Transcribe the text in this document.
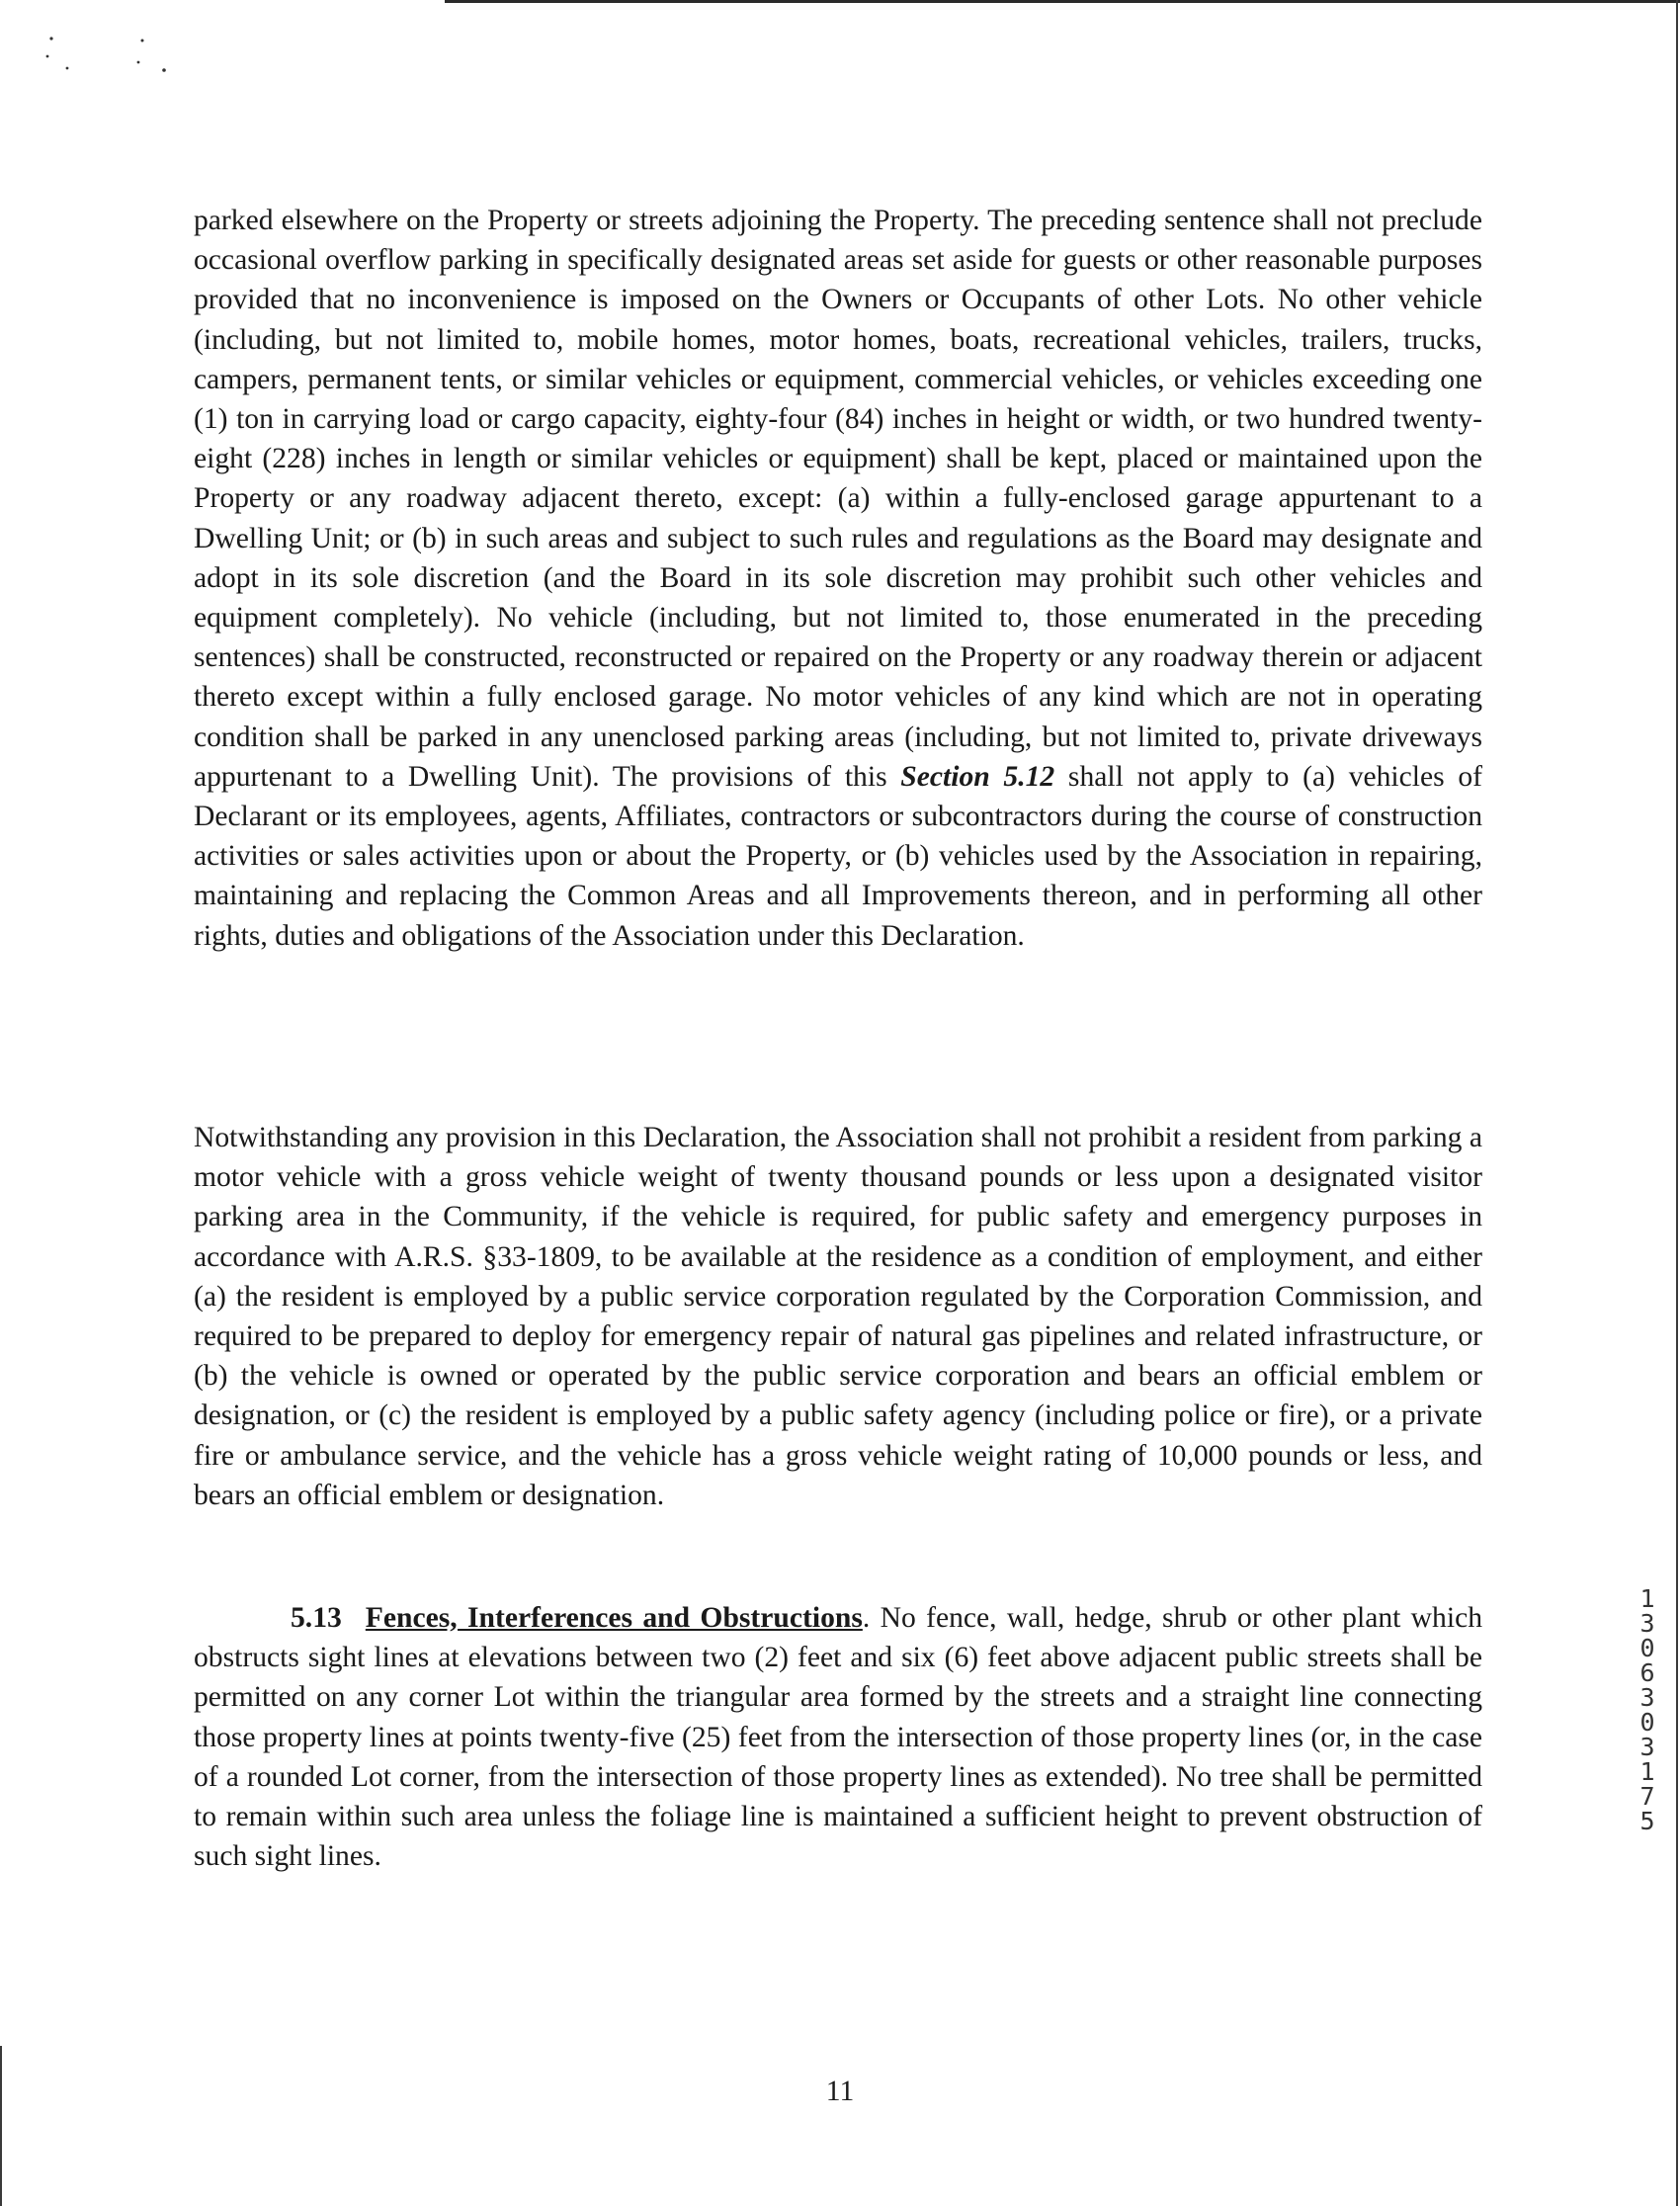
parked elsewhere on the Property or streets adjoining the Property. The preceding sentence shall not preclude occasional overflow parking in specifically designated areas set aside for guests or other reasonable purposes provided that no inconvenience is imposed on the Owners or Occupants of other Lots. No other vehicle (including, but not limited to, mobile homes, motor homes, boats, recreational vehicles, trailers, trucks, campers, permanent tents, or similar vehicles or equipment, commercial vehicles, or vehicles exceeding one (1) ton in carrying load or cargo capacity, eighty-four (84) inches in height or width, or two hundred twenty-eight (228) inches in length or similar vehicles or equipment) shall be kept, placed or maintained upon the Property or any roadway adjacent thereto, except: (a) within a fully-enclosed garage appurtenant to a Dwelling Unit; or (b) in such areas and subject to such rules and regulations as the Board may designate and adopt in its sole discretion (and the Board in its sole discretion may prohibit such other vehicles and equipment completely). No vehicle (including, but not limited to, those enumerated in the preceding sentences) shall be constructed, reconstructed or repaired on the Property or any roadway therein or adjacent thereto except within a fully enclosed garage. No motor vehicles of any kind which are not in operating condition shall be parked in any unenclosed parking areas (including, but not limited to, private driveways appurtenant to a Dwelling Unit). The provisions of this Section 5.12 shall not apply to (a) vehicles of Declarant or its employees, agents, Affiliates, contractors or subcontractors during the course of construction activities or sales activities upon or about the Property, or (b) vehicles used by the Association in repairing, maintaining and replacing the Common Areas and all Improvements thereon, and in performing all other rights, duties and obligations of the Association under this Declaration.

Notwithstanding any provision in this Declaration, the Association shall not prohibit a resident from parking a motor vehicle with a gross vehicle weight of twenty thousand pounds or less upon a designated visitor parking area in the Community, if the vehicle is required, for public safety and emergency purposes in accordance with A.R.S. §33-1809, to be available at the residence as a condition of employment, and either (a) the resident is employed by a public service corporation regulated by the Corporation Commission, and required to be prepared to deploy for emergency repair of natural gas pipelines and related infrastructure, or (b) the vehicle is owned or operated by the public service corporation and bears an official emblem or designation, or (c) the resident is employed by a public safety agency (including police or fire), or a private fire or ambulance service, and the vehicle has a gross vehicle weight rating of 10,000 pounds or less, and bears an official emblem or designation.

5.13 Fences, Interferences and Obstructions. No fence, wall, hedge, shrub or other plant which obstructs sight lines at elevations between two (2) feet and six (6) feet above adjacent public streets shall be permitted on any corner Lot within the triangular area formed by the streets and a straight line connecting those property lines at points twenty-five (25) feet from the intersection of those property lines (or, in the case of a rounded Lot corner, from the intersection of those property lines as extended). No tree shall be permitted to remain within such area unless the foliage line is maintained a sufficient height to prevent obstruction of such sight lines.

11
1306303175
